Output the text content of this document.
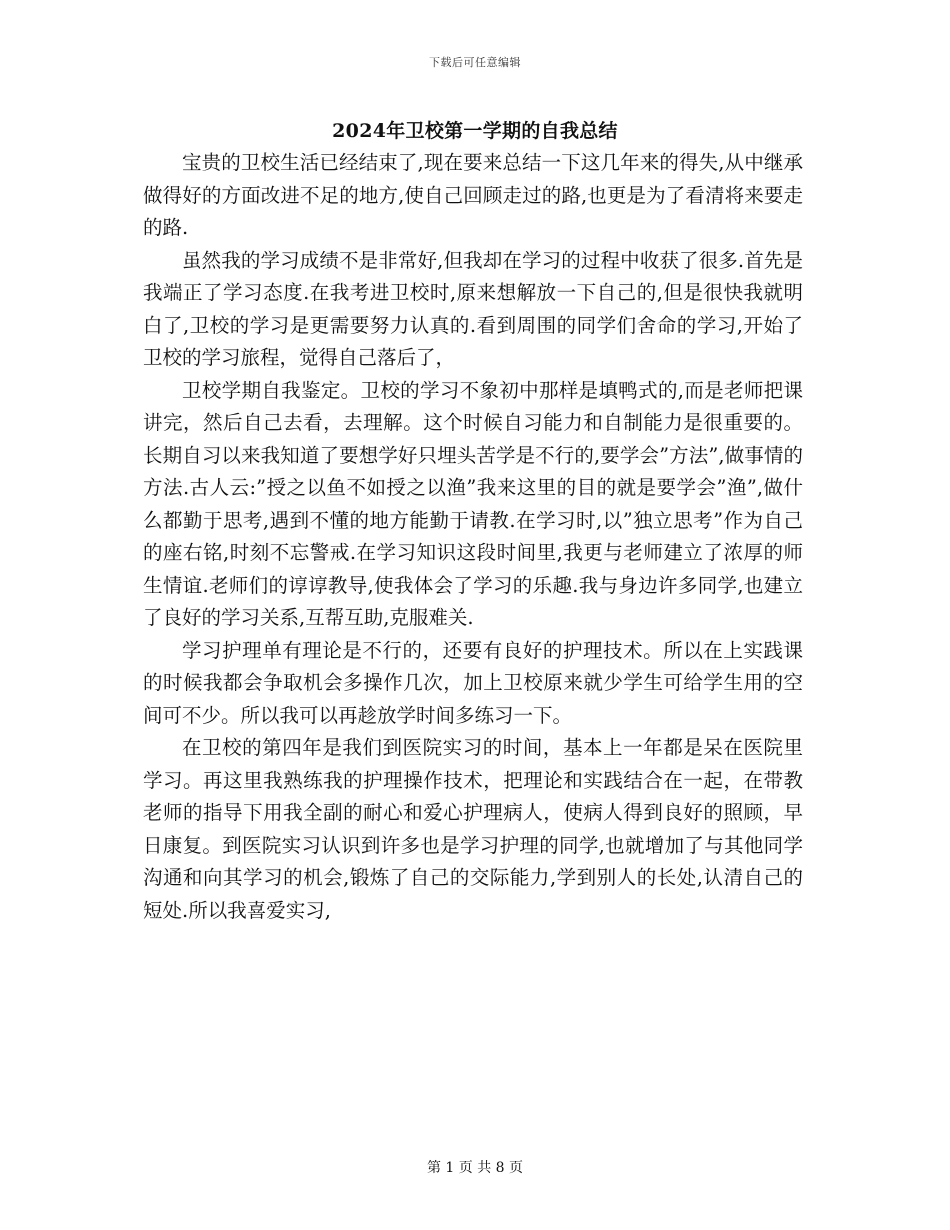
下载后可任意编辑
2024年卫校第一学期的自我总结

宝贵的卫校生活已经结束了,现在要来总结一下这几年来的得失,从中继承做得好的方面改进不足的地方,使自己回顾走过的路,也更是为了看清将来要走的路.

虽然我的学习成绩不是非常好,但我却在学习的过程中收获了很多.首先是我端正了学习态度.在我考进卫校时,原来想解放一下自己的,但是很快我就明白了,卫校的学习是更需要努力认真的.看到周围的同学们舍命的学习,开始了卫校的学习旅程，觉得自己落后了，

卫校学期自我鉴定。卫校的学习不象初中那样是填鸭式的,而是老师把课讲完，然后自己去看，去理解。这个时候自习能力和自制能力是很重要的。长期自习以来我知道了要想学好只埋头苦学是不行的,要学会”方法”,做事情的方法.古人云:”授之以鱼不如授之以渔”我来这里的目的就是要学会”渔”,做什么都勤于思考,遇到不懂的地方能勤于请教.在学习时,以”独立思考”作为自己的座右铭,时刻不忘警戒.在学习知识这段时间里,我更与老师建立了浓厚的师生情谊.老师们的谆谆教导,使我体会了学习的乐趣.我与身边许多同学,也建立了良好的学习关系,互帮互助,克服难关.

学习护理单有理论是不行的，还要有良好的护理技术。所以在上实践课的时候我都会争取机会多操作几次，加上卫校原来就少学生可给学生用的空间可不少。所以我可以再趁放学时间多练习一下。

在卫校的第四年是我们到医院实习的时间，基本上一年都是呆在医院里学习。再这里我熟练我的护理操作技术，把理论和实践结合在一起，在带教老师的指导下用我全副的耐心和爱心护理病人，使病人得到良好的照顾，早日康复。到医院实习认识到许多也是学习护理的同学,也就增加了与其他同学沟通和向其学习的机会,锻炼了自己的交际能力,学到别人的长处,认清自己的短处.所以我喜爱实习,

第 1 页 共 8 页
